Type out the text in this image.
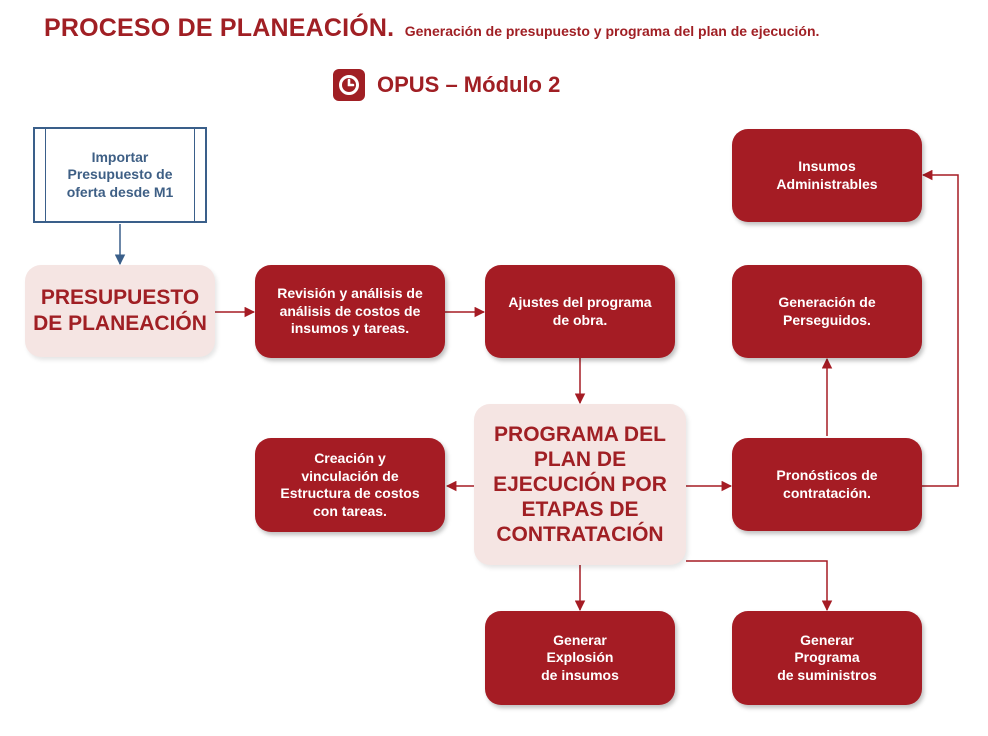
PROCESO DE PLANEACIÓN. Generación de presupuesto y programa del plan de ejecución.
OPUS – Módulo 2
Importar
Presupuesto de
oferta desde M1
PRESUPUESTO
DE PLANEACIÓN
Revisión y análisis de
análisis de costos de
insumos y tareas.
Ajustes del programa
de obra.
PROGRAMA DEL
PLAN DE
EJECUCIÓN POR
ETAPAS DE
CONTRATACIÓN
Creación y
vinculación de
Estructura de costos
con tareas.
Pronósticos de
contratación.
Generación de
Perseguidos.
Insumos
Administrables
Generar
Explosión
de insumos
Generar
Programa
de suministros
